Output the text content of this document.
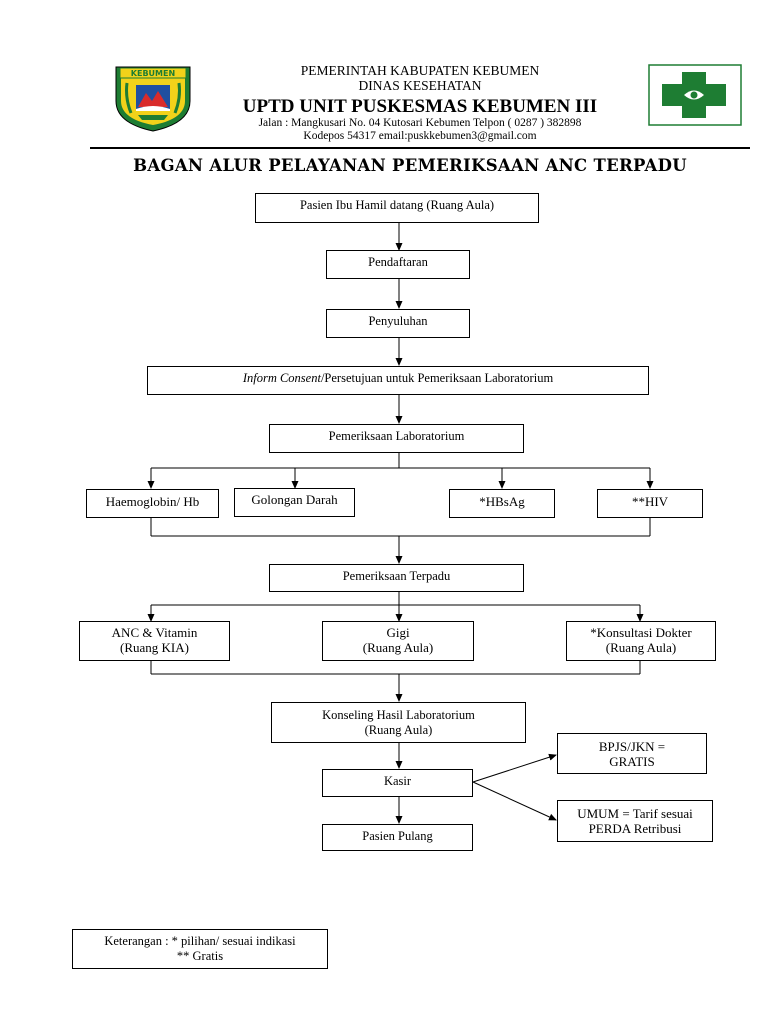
KEBUMEN	PEMERINTAH KABUPATEN KEBUMEN
DINAS KESEHATAN
UPTD UNIT PUSKESMAS KEBUMEN III
Jalan : Mangkusari No. 04 Kutosari Kebumen Telpon ( 0287 ) 382898
Kodepos 54317 email:puskkebumen3@gmail.com
BAGAN ALUR PELAYANAN PEMERIKSAAN ANC TERPADU
Pasien Ibu Hamil datang (Ruang Aula)
Pendaftaran
Penyuluhan
Inform Consent/Persetujuan untuk Pemeriksaan Laboratorium
Pemeriksaan Laboratorium
Haemoglobin/ Hb	Golongan Darah	*HBsAg	**HIV
Pemeriksaan Terpadu
ANC & Vitamin
(Ruang KIA)
Gigi
(Ruang Aula)
*Konsultasi Dokter
(Ruang Aula)
Konseling Hasil Laboratorium
(Ruang Aula)
Kasir
Pasien Pulang
BPJS/JKN =
GRATIS
UMUM = Tarif sesuai
PERDA Retribusi
Keterangan : * pilihan/ sesuai indikasi
** Gratis
